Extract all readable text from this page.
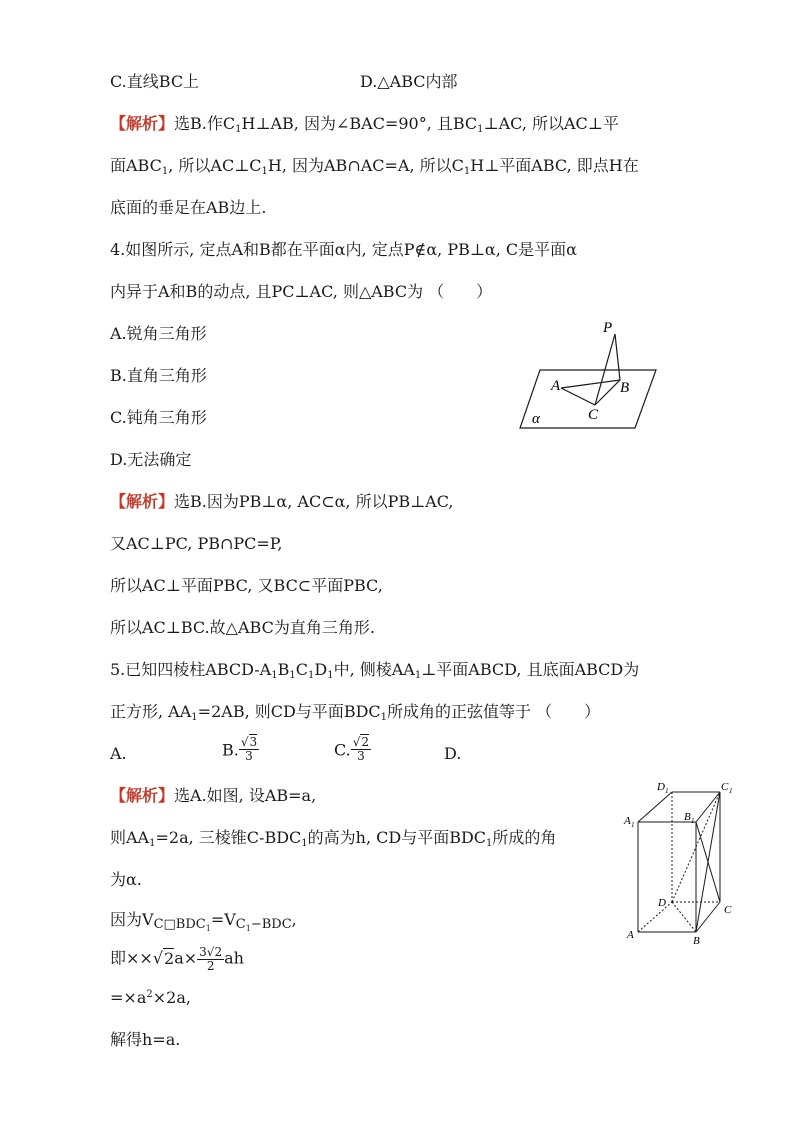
C.直线BC上	D.△ABC内部
【解析】选B.作$C_1H\perp AB$, 因为∠BAC=90°, 且$BC_1\perp AC$, 所以AC⊥平
面$ABC_1$, 所以$AC\perp C_1H$, 因为AB∩AC=A, 所以$C_1H\perp$平面ABC, 即点H在
底面的垂足在AB边上.
4.如图所示, 定点A和B都在平面α内, 定点P∉α, PB⊥α, C是平面α
内异于A和B的动点, 且PC⊥AC, 则△ABC为 （　　）
A.锐角三角形
B.直角三角形
C.钝角三角形
D.无法确定
P
A	B
C
α
【解析】选B.因为PB⊥α, AC⊂α, 所以PB⊥AC,
又AC⊥PC, PB∩PC=P,
所以AC⊥平面PBC, 又BC⊂平面PBC,
所以AC⊥BC.故△ABC为直角三角形.
5.已知四棱柱ABCD-$A_1B_1C_1D_1$中, 侧棱$AA_1\perp$平面ABCD, 且底面ABCD为
正方形, $AA_1=2AB$, 则CD与平面$BDC_1$所成角的正弦值等于 （　　）
A.	B. $\frac{√3}{3}$	C. $\frac{√2}{3}$	D.
【解析】选A.如图, 设AB=a,
则$AA_1=2a$, 三棱锥$C-BDC_1$的高为h, CD与平面$BDC_1$所成的角
为α.
因为$V_{C□BDC1}=V_{C1-BDC}$,
即$\times\times√2a\times \frac{3√2}{2}$ ah
$=\times a^2\times 2a$,
解得h=a.
D 1	C 1
A 1
B 1
D
C
A	B
